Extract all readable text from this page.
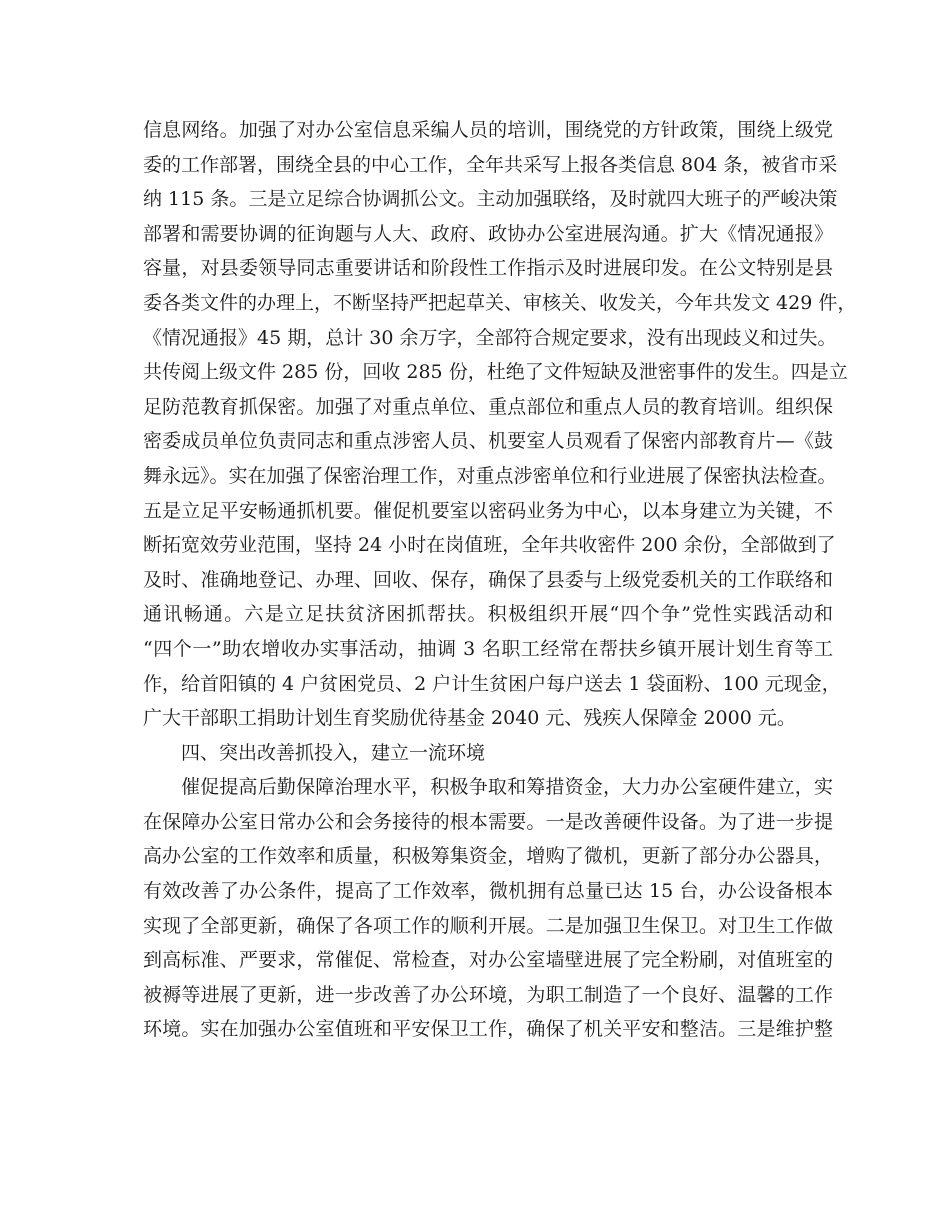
信息网络。加强了对办公室信息采编人员的培训，围绕党的方针政策，围绕上级党
委的工作部署，围绕全县的中心工作，全年共采写上报各类信息 804 条，被省市采
纳 115 条。三是立足综合协调抓公文。主动加强联络，及时就四大班子的严峻决策
部署和需要协调的征询题与人大、政府、政协办公室进展沟通。扩大《情况通报》
容量，对县委领导同志重要讲话和阶段性工作指示及时进展印发。在公文特别是县
委各类文件的办理上，不断坚持严把起草关、审核关、收发关，今年共发文 429 件，
《情况通报》45 期，总计 30 余万字，全部符合规定要求，没有出现歧义和过失。
共传阅上级文件 285 份，回收 285 份，杜绝了文件短缺及泄密事件的发生。四是立
足防范教育抓保密。加强了对重点单位、重点部位和重点人员的教育培训。组织保
密委成员单位负责同志和重点涉密人员、机要室人员观看了保密内部教育片—《鼓
舞永远》。实在加强了保密治理工作，对重点涉密单位和行业进展了保密执法检查。
五是立足平安畅通抓机要。催促机要室以密码业务为中心，以本身建立为关键，不
断拓宽效劳业范围，坚持 24 小时在岗值班，全年共收密件 200 余份，全部做到了
及时、准确地登记、办理、回收、保存，确保了县委与上级党委机关的工作联络和
通讯畅通。六是立足扶贫济困抓帮扶。积极组织开展“四个争”党性实践活动和
“四个一”助农增收办实事活动，抽调 3 名职工经常在帮扶乡镇开展计划生育等工
作，给首阳镇的 4 户贫困党员、2 户计生贫困户每户送去 1 袋面粉、100 元现金，
广大干部职工捐助计划生育奖励优待基金 2040 元、残疾人保障金 2000 元。
四、突出改善抓投入，建立一流环境
催促提高后勤保障治理水平，积极争取和筹措资金，大力办公室硬件建立，实
在保障办公室日常办公和会务接待的根本需要。一是改善硬件设备。为了进一步提
高办公室的工作效率和质量，积极筹集资金，增购了微机，更新了部分办公器具，
有效改善了办公条件，提高了工作效率，微机拥有总量已达 15 台，办公设备根本
实现了全部更新，确保了各项工作的顺利开展。二是加强卫生保卫。对卫生工作做
到高标准、严要求，常催促、常检查，对办公室墙壁进展了完全粉刷，对值班室的
被褥等进展了更新，进一步改善了办公环境，为职工制造了一个良好、温馨的工作
环境。实在加强办公室值班和平安保卫工作，确保了机关平安和整洁。三是维护整
